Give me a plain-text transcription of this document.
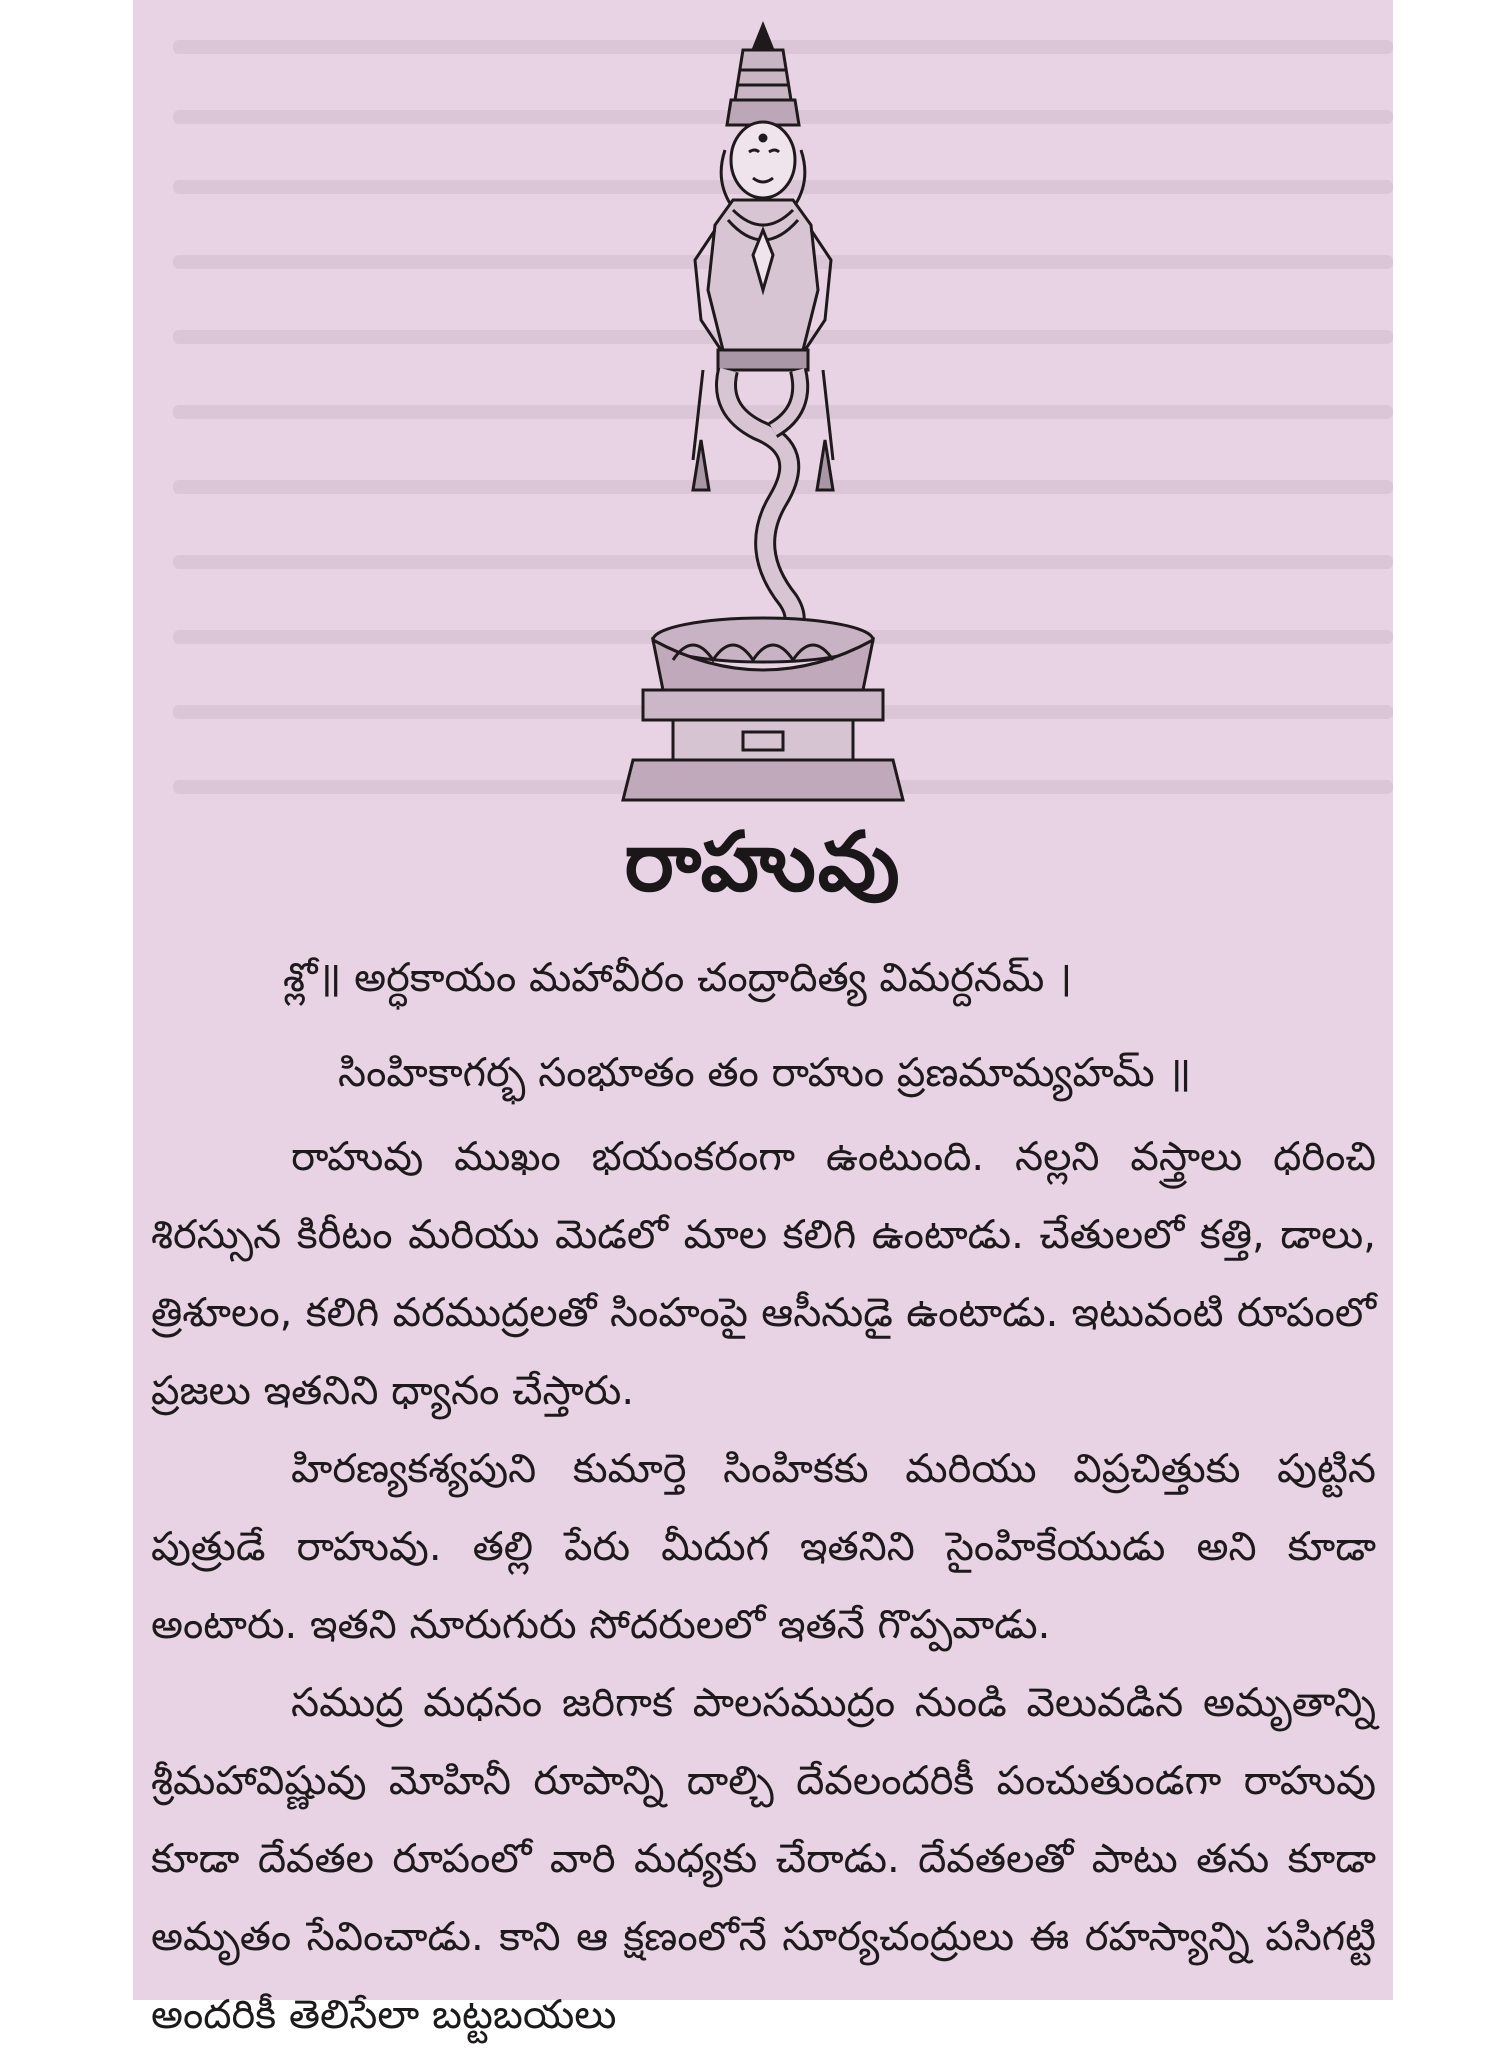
రాహువు
శ్లో॥ అర్ధకాయం మహావీరం చంద్రాదిత్య విమర్దనమ్ ।
సింహికాగర్భ సంభూతం తం రాహుం ప్రణమామ్యహమ్ ॥

రాహువు ముఖం భయంకరంగా ఉంటుంది. నల్లని వస్త్రాలు ధరించి శిరస్సున కిరీటం మరియు మెడలో మాల కలిగి ఉంటాడు. చేతులలో కత్తి, డాలు, త్రిశూలం, కలిగి వరముద్రలతో సింహంపై ఆసీనుడై ఉంటాడు. ఇటువంటి రూపంలో ప్రజలు ఇతనిని ధ్యానం చేస్తారు.

హిరణ్యకశ్యపుని కుమార్తె సింహికకు మరియు విప్రచిత్తుకు పుట్టిన పుత్రుడే రాహువు. తల్లి పేరు మీదుగ ఇతనిని సైంహికేయుడు అని కూడా అంటారు. ఇతని నూరుగురు సోదరులలో ఇతనే గొప్పవాడు.

సముద్ర మధనం జరిగాక పాలసముద్రం నుండి వెలువడిన అమృతాన్ని శ్రీమహావిష్ణువు మోహినీ రూపాన్ని దాల్చి దేవలందరికీ పంచుతుండగా రాహువు కూడా దేవతల రూపంలో వారి మధ్యకు చేరాడు. దేవతలతో పాటు తను కూడా అమృతం సేవించాడు. కాని ఆ క్షణంలోనే సూర్యచంద్రులు ఈ రహస్యాన్ని పసిగట్టి అందరికీ తెలిసేలా బట్టబయలు
